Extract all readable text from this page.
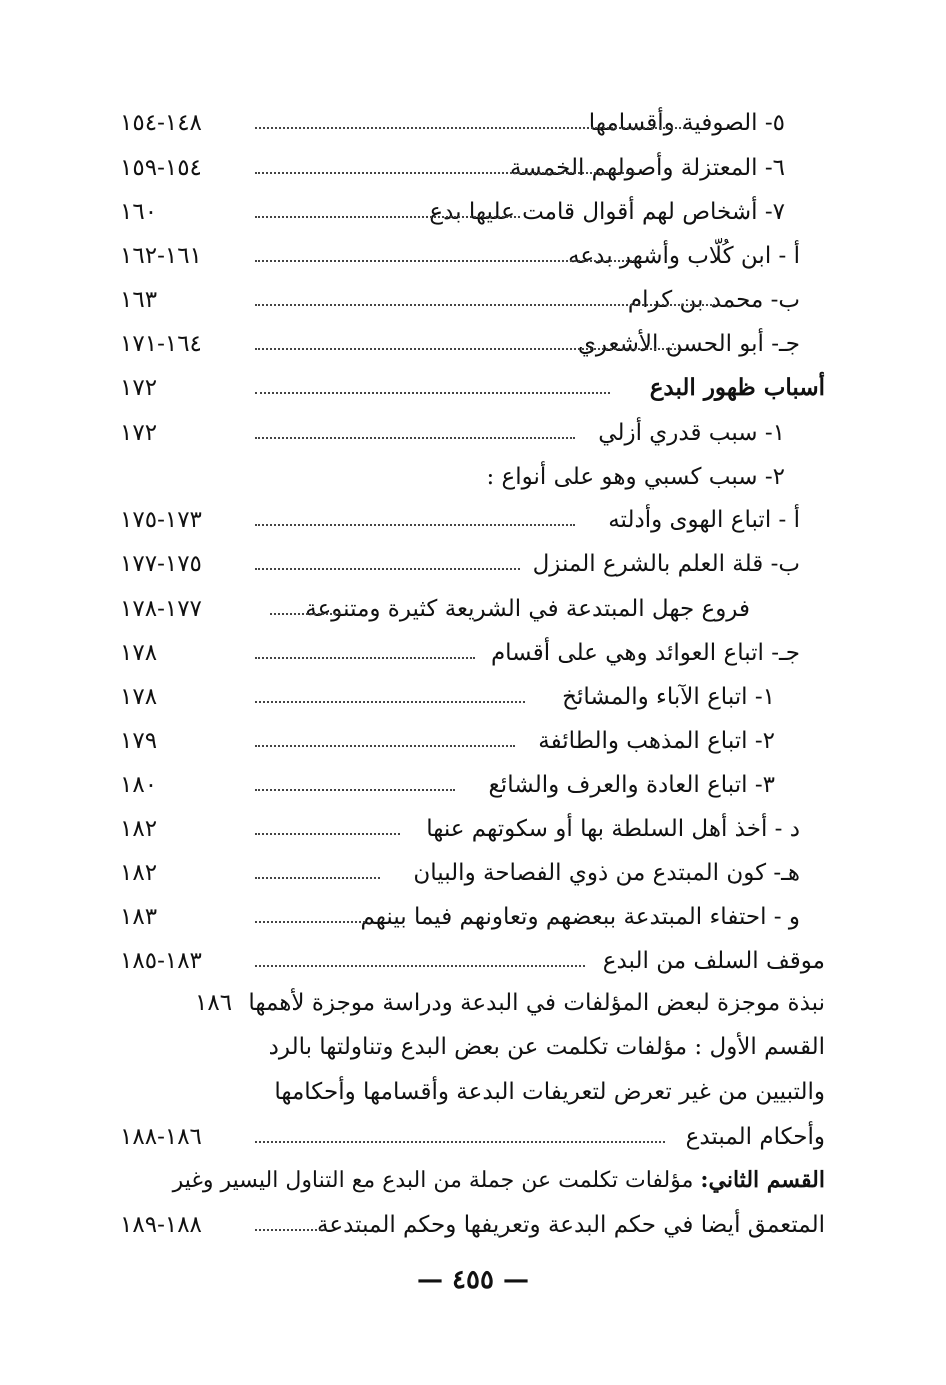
٥- الصوفية وأقسامها
١٤٨-١٥٤
٦- المعتزلة وأصولهم الخمسة
١٥٤-١٥٩
٧- أشخاص لهم أقوال قامت عليها بدع
١٦٠
أ - ابن كُلّاب وأشهر بدعه
١٦١-١٦٢
ب- محمد بن كرام
١٦٣
جـ- أبو الحسن الأشعري
١٦٤-١٧١
أسباب ظهور البدع
١٧٢
١- سبب قدري أزلي
١٧٢
٢- سبب كسبي وهو على أنواع :
أ - اتباع الهوى وأدلته
١٧٣-١٧٥
ب- قلة العلم بالشرع المنزل
١٧٥-١٧٧
فروع جهل المبتدعة في الشريعة كثيرة ومتنوعة
١٧٧-١٧٨
جـ- اتباع العوائد وهي على أقسام
١٧٨
١- اتباع الآباء والمشائخ
١٧٨
٢- اتباع المذهب والطائفة
١٧٩
٣- اتباع العادة والعرف والشائع
١٨٠
د - أخذ أهل السلطة بها أو سكوتهم عنها
١٨٢
هـ- كون المبتدع من ذوي الفصاحة والبيان
١٨٢
و - احتفاء المبتدعة ببعضهم وتعاونهم فيما بينهم
١٨٣
موقف السلف من البدع
١٨٣-١٨٥
نبذة موجزة لبعض المؤلفات في البدعة ودراسة موجزة لأهمها
١٨٦
القسم الأول : مؤلفات تكلمت عن بعض البدع وتناولتها بالرد
والتبيين من غير تعرض لتعريفات البدعة وأقسامها وأحكامها
وأحكام المبتدع
١٨٦-١٨٨
القسم الثاني: مؤلفات تكلمت عن جملة من البدع مع التناول اليسير وغير
المتعمق أيضا في حكم البدعة وتعريفها وحكم المبتدعة
١٨٨-١٨٩
— ٤٥٥ —
